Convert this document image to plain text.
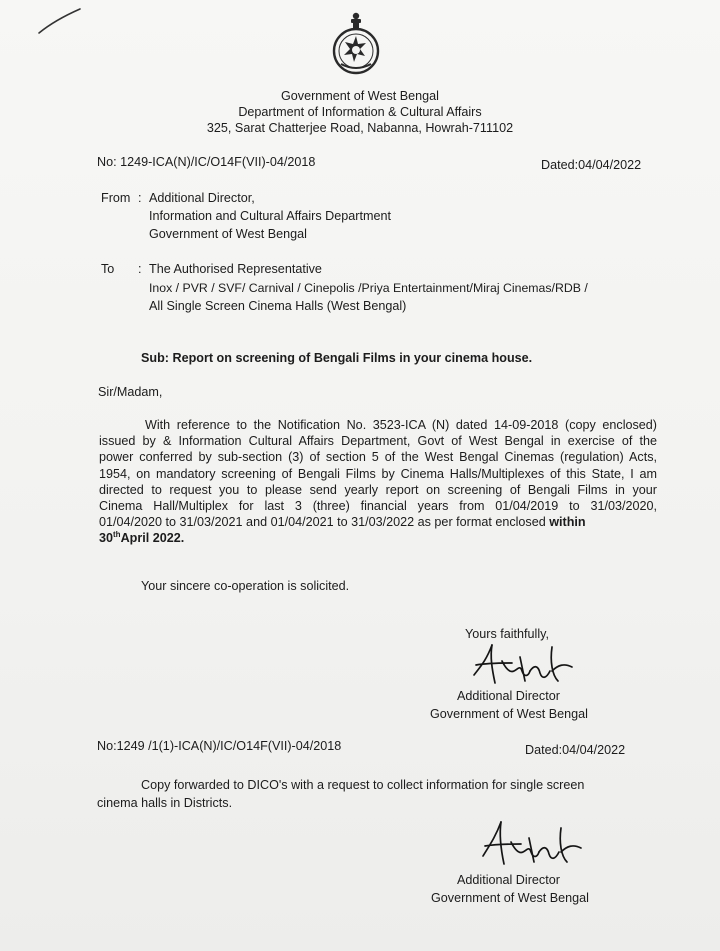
Government of West Bengal
Department of Information & Cultural Affairs
325, Sarat Chatterjee Road, Nabanna, Howrah-711102
No: 1249-ICA(N)/IC/O14F(VII)-04/2018	Dated:04/04/2022
From : Additional Director,
Information and Cultural Affairs Department
Government of West Bengal
To : The Authorised Representative
Inox / PVR / SVF/ Carnival / Cinepolis /Priya Entertainment/Miraj Cinemas/RDB /
All Single Screen Cinema Halls (West Bengal)
Sub: Report on screening of Bengali Films in your cinema house.
Sir/Madam,
With reference to the Notification No. 3523-ICA (N) dated 14-09-2018 (copy enclosed)
issued by & Information Cultural Affairs Department, Govt of West Bengal in exercise of the
power conferred by sub-section (3) of section 5 of the West Bengal Cinemas (regulation) Acts,
1954, on mandatory screening of Bengali Films by Cinema Halls/Multiplexes of this State, I am
directed to request you to please send yearly report on screening of Bengali Films in your
Cinema Hall/Multiplex for last 3 (three) financial years from 01/04/2019 to 31/03/2020,
01/04/2020 to 31/03/2021 and 01/04/2021 to 31/03/2022 as per format enclosed within
30thApril 2022.
Your sincere co-operation is solicited.
Yours faithfully,
Additional Director
Government of West Bengal
No:1249 /1(1)-ICA(N)/IC/O14F(VII)-04/2018	Dated:04/04/2022
Copy forwarded to DICO's with a request to collect information for single screen
cinema halls in Districts.
Additional Director
Government of West Bengal
